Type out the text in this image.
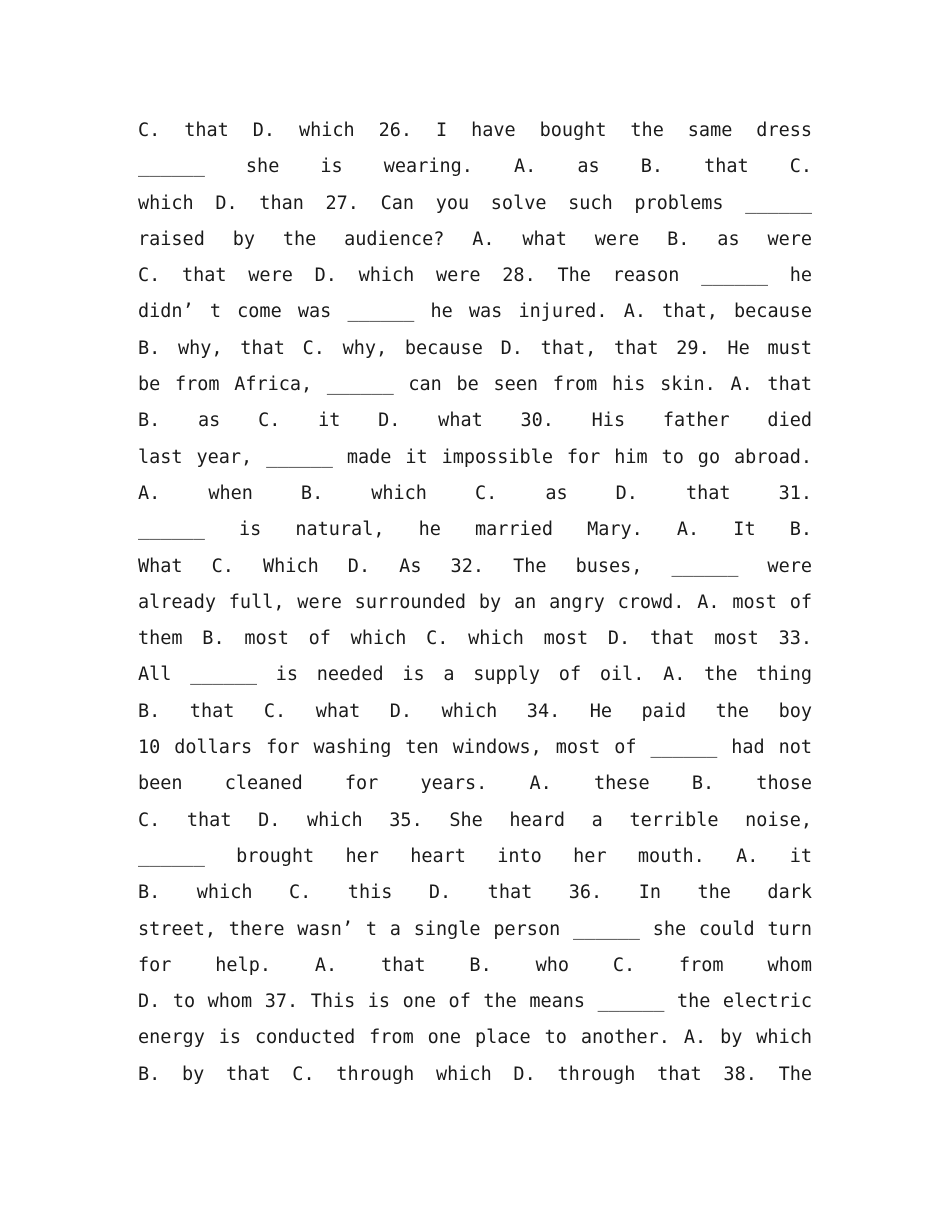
C. that D. which 26. I have bought the same dress
______ she is wearing. A. as B. that C.
which D. than 27. Can you solve such problems ______
raised by the audience? A. what were B. as were
C. that were D. which were 28. The reason ______ he
didn’ t come was ______ he was injured. A. that, because
B. why, that C. why, because D. that, that 29. He must
be from Africa, ______ can be seen from his skin. A. that
B. as C. it D. what 30. His father died
last year, ______ made it impossible for him to go abroad.
A. when B. which C. as D. that 31.
______ is natural, he married Mary. A. It B.
What C. Which D. As 32. The buses, ______ were
already full, were surrounded by an angry crowd. A. most of
them B. most of which C. which most D. that most 33.
All ______ is needed is a supply of oil. A. the thing
B. that C. what D. which 34. He paid the boy
10 dollars for washing ten windows, most of ______ had not
been cleaned for years. A. these B. those
C. that D. which 35. She heard a terrible noise,
______ brought her heart into her mouth. A. it
B. which C. this D. that 36. In the dark
street, there wasn’ t a single person ______ she could turn
for help. A. that B. who C. from whom
D. to whom 37. This is one of the means ______ the electric
energy is conducted from one place to another. A. by which
B. by that C. through which D. through that 38. The
